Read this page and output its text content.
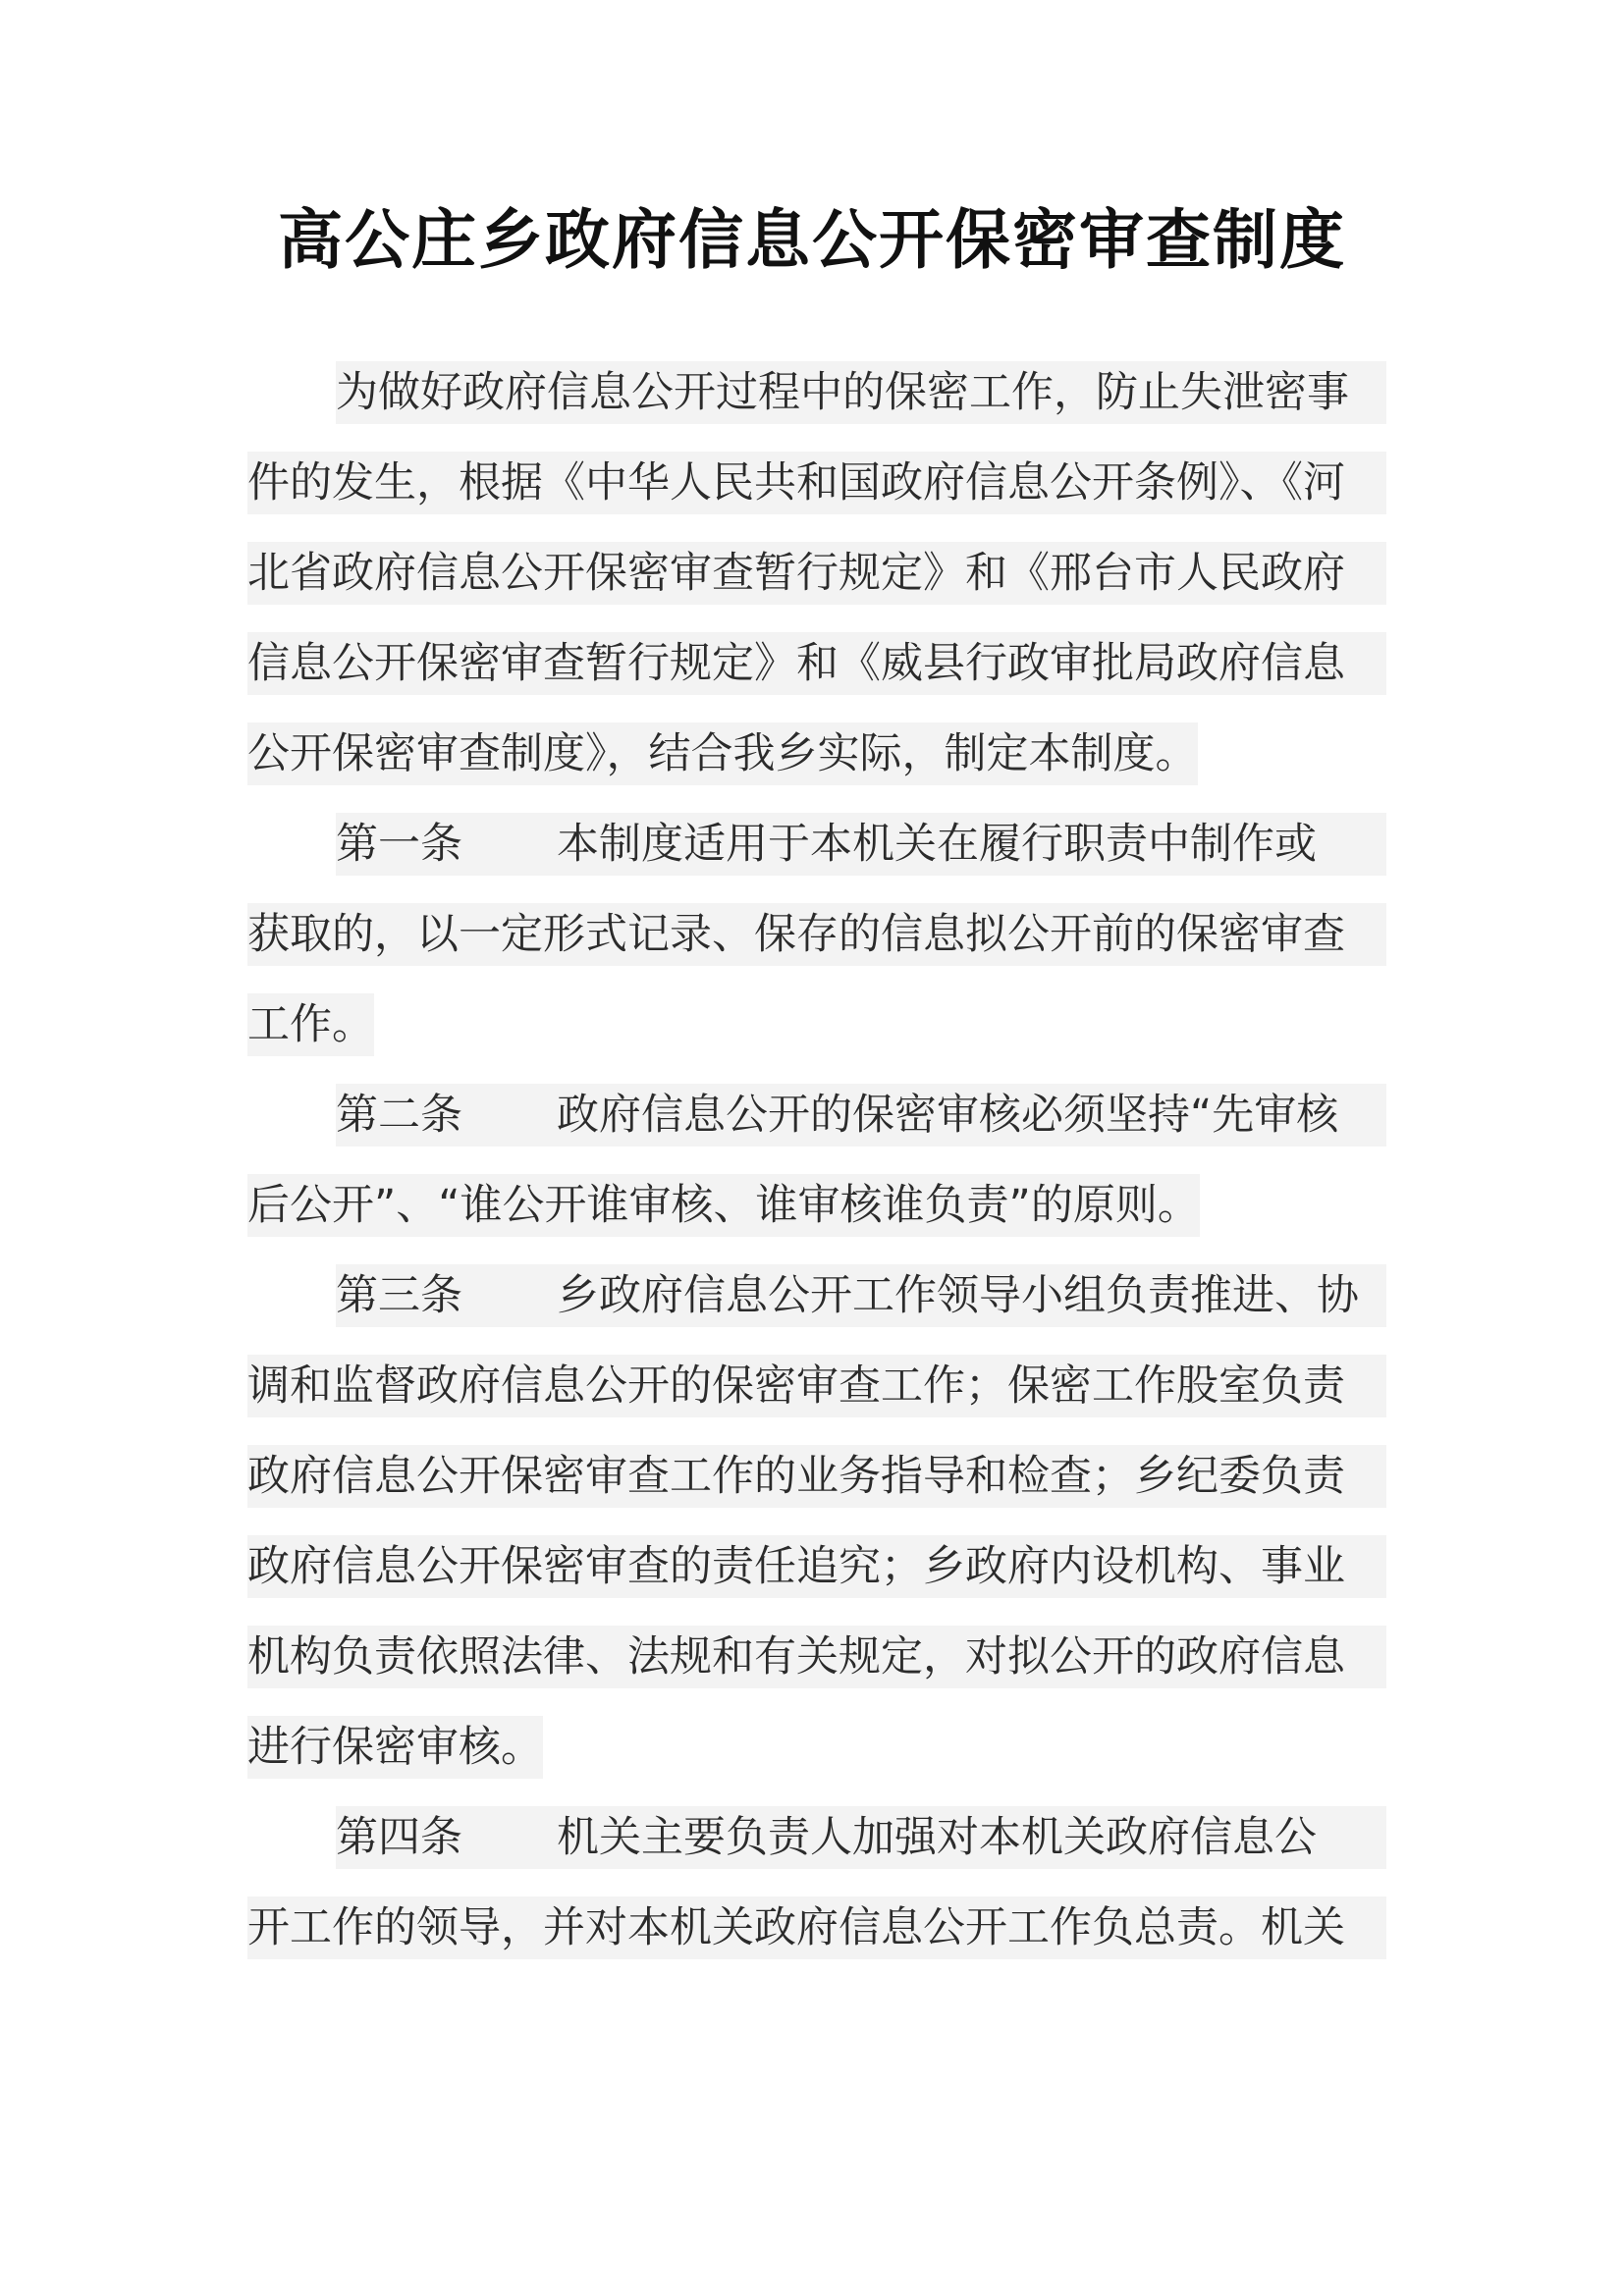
高公庄乡政府信息公开保密审查制度
为做好政府信息公开过程中的保密工作，防止失泄密事
件的发生，根据《中华人民共和国政府信息公开条例》、《河
北省政府信息公开保密审查暂行规定》和《邢台市人民政府
信息公开保密审查暂行规定》和《威县行政审批局政府信息
公开保密审查制度》，结合我乡实际，制定本制度。
第一条 本制度适用于本机关在履行职责中制作或
获取的，以一定形式记录、保存的信息拟公开前的保密审查
工作。
第二条 政府信息公开的保密审核必须坚持“先审核
后公开”、“谁公开谁审核、谁审核谁负责”的原则。
第三条 乡政府信息公开工作领导小组负责推进、协
调和监督政府信息公开的保密审查工作；保密工作股室负责
政府信息公开保密审查工作的业务指导和检查；乡纪委负责
政府信息公开保密审查的责任追究；乡政府内设机构、事业
机构负责依照法律、法规和有关规定，对拟公开的政府信息
进行保密审核。
第四条 机关主要负责人加强对本机关政府信息公
开工作的领导，并对本机关政府信息公开工作负总责。机关
